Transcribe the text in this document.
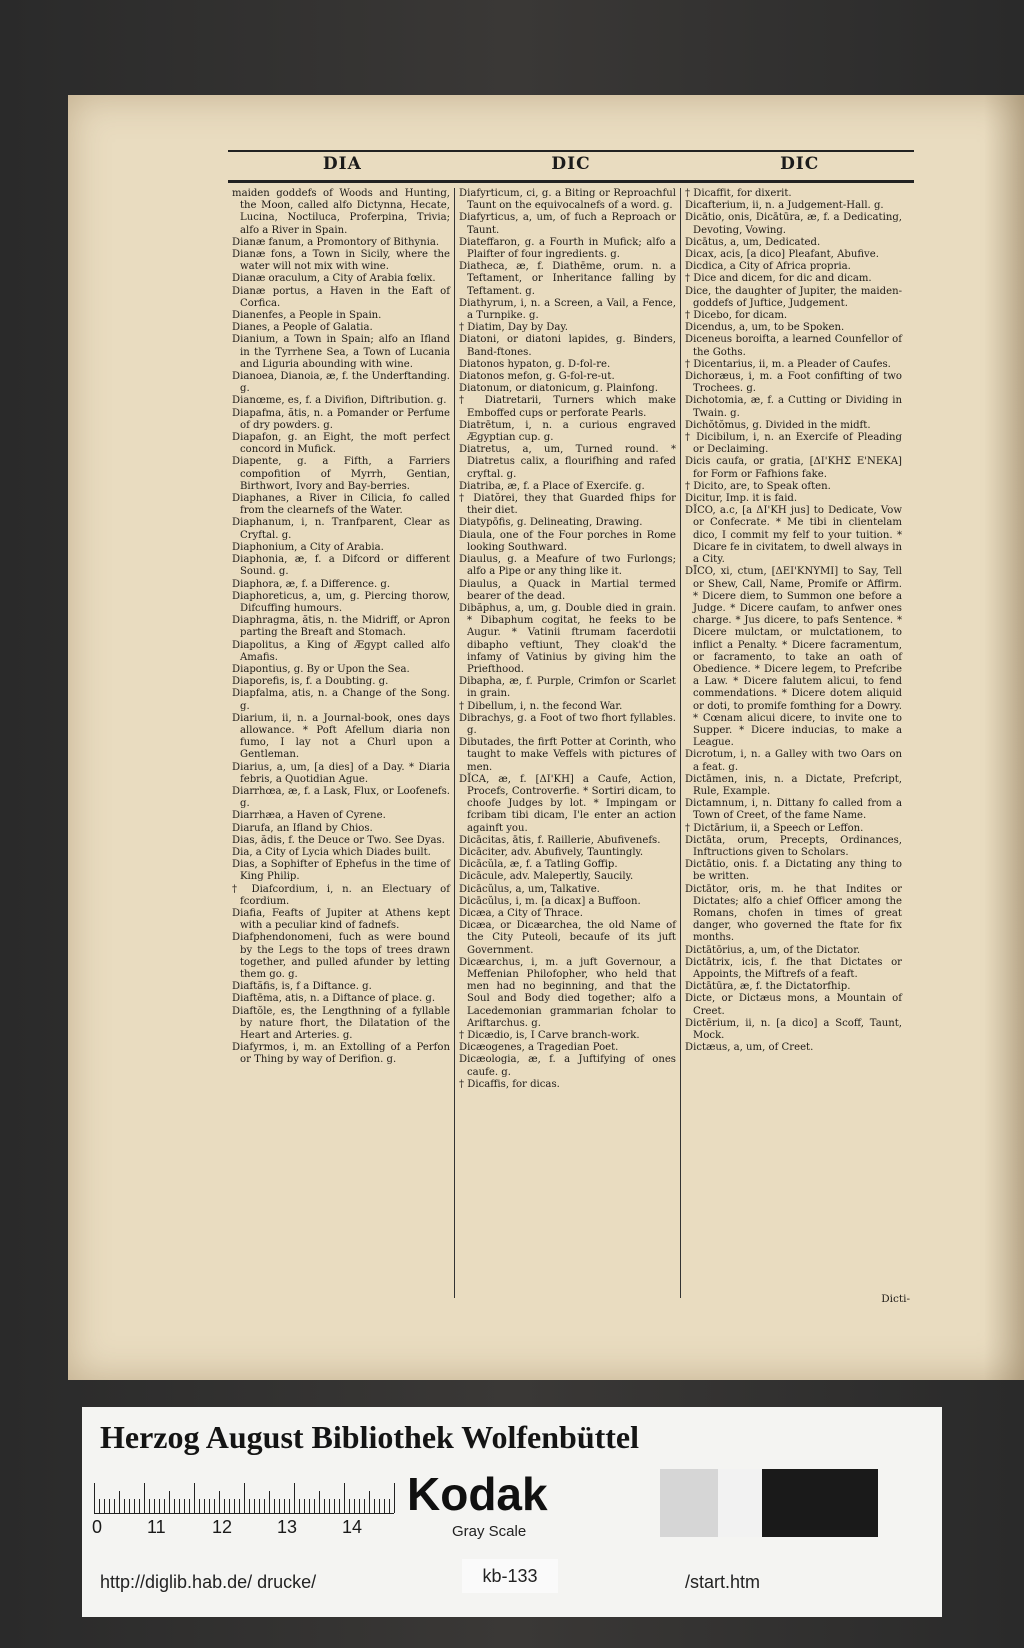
DIA	DIC	DIC

maiden goddefs of Woods and Hunting, the Moon, called alfo Dictynna, Hecate, Lucina, Noctiluca, Proferpina, Trivia; alfo a River in Spain.

Dianæ fanum, a Promontory of Bithynia.

Dianæ fons, a Town in Sicily, where the water will not mix with wine.

Dianæ oraculum, a City of Arabia fœlix.

Dianæ portus, a Haven in the Eaft of Corfica.

Dianenfes, a People in Spain.

Dianes, a People of Galatia.

Dianium, a Town in Spain; alfo an Ifland in the Tyrrhene Sea, a Town of Lucania and Liguria abounding with wine.

Dianoea, Dianoia, æ, f. the Underftanding. g.

Dianœme, es, f. a Divifion, Diftribution. g.

Diapafma, ătis, n. a Pomander or Perfume of dry powders. g.

Diapafon, g. an Eight, the moft perfect concord in Mufick.

Diapente, g. a Fifth, a Farriers compofition of Myrrh, Gentian, Birthwort, Ivory and Bay-berries.

Diaphanes, a River in Cilicia, fo called from the clearnefs of the Water.

Diaphanum, i, n. Tranfparent, Clear as Cryftal. g.

Diaphonium, a City of Arabia.

Diaphonia, æ, f. a Difcord or different Sound. g.

Diaphora, æ, f. a Difference. g.

Diaphoreticus, a, um, g. Piercing thorow, Difcuffing humours.

Diaphragma, ătis, n. the Midriff, or Apron parting the Breaft and Stomach.

Diapolitus, a King of Ægypt called alfo Amafis.

Diapontius, g. By or Upon the Sea.

Diaporefis, is, f. a Doubting. g.

Diapfalma, atis, n. a Change of the Song. g.

Diarium, ii, n. a Journal-book, ones days allowance. * Poft Afellum diaria non fumo, I lay not a Churl upon a Gentleman.

Diarius, a, um, [a dies] of a Day. * Diaria febris, a Quotidian Ague.

Diarrhœa, æ, f. a Lask, Flux, or Loofenefs. g.

Diarrhæa, a Haven of Cyrene.

Diarufa, an Ifland by Chios.

Dias, ădis, f. the Deuce or Two. See Dyas.

Dia, a City of Lycia which Diades built.

Dias, a Sophifter of Ephefus in the time of King Philip.

† Diafcordium, i, n. an Electuary of fcordium.

Diafia, Feafts of Jupiter at Athens kept with a peculiar kind of fadnefs.

Diafphendonomeni, fuch as were bound by the Legs to the tops of trees drawn together, and pulled afunder by letting them go. g.

Diaftăfis, is, f a Diftance. g.

Diaftēma, atis, n. a Diftance of place. g.

Diaftŏle, es, the Lengthning of a fyllable by nature fhort, the Dilatation of the Heart and Arteries. g.

Diafyrmos, i, m. an Extolling of a Perfon or Thing by way of Derifion. g.

Diafyrticum, ci, g. a Biting or Reproachful Taunt on the equivocalnefs of a word. g.

Diafyrticus, a, um, of fuch a Reproach or Taunt.

Diateffaron, g. a Fourth in Mufick; alfo a Plaifter of four ingredients. g.

Diatheca, æ, f. Diathēme, orum. n. a Teftament, or Inheritance falling by Teftament. g.

Diathyrum, i, n. a Screen, a Vail, a Fence, a Turnpike. g.

† Diatim, Day by Day.

Diatoni, or diatoni lapides, g. Binders, Band-ftones.

Diatonos hypaton, g. D-fol-re.

Diatonos mefon, g. G-fol-re-ut.

Diatonum, or diatonicum, g. Plainfong.

† Diatretarii, Turners which make Emboffed cups or perforate Pearls.

Diatrētum, i, n. a curious engraved Ægyptian cup. g.

Diatretus, a, um, Turned round. * Diatretus calix, a flourifhing and rafed cryftal. g.

Diatriba, æ, f. a Place of Exercife. g.

† Diatŏrei, they that Guarded fhips for their diet.

Diatypōfis, g. Delineating, Drawing.

Diaula, one of the Four porches in Rome looking Southward.

Diaulus, g. a Meafure of two Furlongs; alfo a Pipe or any thing like it.

Diaulus, a Quack in Martial termed bearer of the dead.

Dibăphus, a, um, g. Double died in grain. * Dibaphum cogitat, he feeks to be Augur. * Vatinii ftrumam facerdotii dibapho veftiunt, They cloak'd the infamy of Vatinius by giving him the Priefthood.

Dibapha, æ, f. Purple, Crimfon or Scarlet in grain.

† Dibellum, i, n. the fecond War.

Dibrachys, g. a Foot of two fhort fyllables. g.

Dibutades, the firft Potter at Corinth, who taught to make Veffels with pictures of men.

DĬCA, æ, f. [ΔΙ'ΚΗ] a Caufe, Action, Procefs, Controverfie. * Sortiri dicam, to choofe Judges by lot. * Impingam or fcribam tibi dicam, I'le enter an action againft you.

Dicācitas, ātis, f. Raillerie, Abufivenefs.

Dicāciter, adv. Abufively, Tauntingly.

Dicācŭla, æ, f. a Tatling Goffip.

Dicācule, adv. Malepertly, Saucily.

Dicācŭlus, a, um, Talkative.

Dicācŭlus, i, m. [a dicax] a Buffoon.

Dicæa, a City of Thrace.

Dicæa, or Dicæarchea, the old Name of the City Puteoli, becaufe of its juft Government.

Dicæarchus, i, m. a juft Governour, a Meffenian Philofopher, who held that men had no beginning, and that the Soul and Body died together; alfo a Lacedemonian grammarian fcholar to Ariftarchus. g.

† Dicædio, is, I Carve branch-work.

Dicæogenes, a Tragedian Poet.

Dicæologia, æ, f. a Juftifying of ones caufe. g.

† Dicaffis, for dicas.

† Dicaffit, for dixerit.

Dicafterium, ii, n. a Judgement-Hall. g.

Dicātio, onis, Dicātūra, æ, f. a Dedicating, Devoting, Vowing.

Dicātus, a, um, Dedicated.

Dicax, acis, [a dico] Pleafant, Abufive.

Dicdica, a City of Africa propria.

† Dice and dicem, for dic and dicam.

Dice, the daughter of Jupiter, the maiden-goddefs of Juftice, Judgement.

† Dicebo, for dicam.

Dicendus, a, um, to be Spoken.

Diceneus boroifta, a learned Counfellor of the Goths.

† Dicentarius, ii, m. a Pleader of Caufes.

Dichoræus, i, m. a Foot confifting of two Trochees. g.

Dichotomia, æ, f. a Cutting or Dividing in Twain. g.

Dichŏtŏmus, g. Divided in the midft.

† Dicibilum, i, n. an Exercife of Pleading or Declaiming.

Dicis caufa, or gratia, [ΔΙ'ΚΗΣ Ε'ΝΕΚΑ] for Form or Fafhions fake.

† Dicito, are, to Speak often.

Dicitur, Imp. it is faid.

DĬCO, a.c, [a ΔΙ'ΚΗ jus] to Dedicate, Vow or Confecrate. * Me tibi in clientelam dico, I commit my felf to your tuition. * Dicare fe in civitatem, to dwell always in a City.

DĪCO, xi, ctum, [ΔΕΙ'ΚΝΥΜΙ] to Say, Tell or Shew, Call, Name, Promife or Affirm. * Dicere diem, to Summon one before a Judge. * Dicere caufam, to anfwer ones charge. * Jus dicere, to pafs Sentence. * Dicere mulctam, or mulctationem, to inflict a Penalty. * Dicere facramentum, or facramento, to take an oath of Obedience. * Dicere legem, to Prefcribe a Law. * Dicere falutem alicui, to fend commendations. * Dicere dotem aliquid or doti, to promife fomthing for a Dowry. * Cœnam alicui dicere, to invite one to Supper. * Dicere inducias, to make a League.

Dicrotum, i, n. a Galley with two Oars on a feat. g.

Dictāmen, inis, n. a Dictate, Prefcript, Rule, Example.

Dictamnum, i, n. Dittany fo called from a Town of Creet, of the fame Name.

† Dictārium, ii, a Speech or Leffon.

Dictāta, orum, Precepts, Ordinances, Inftructions given to Scholars.

Dictātio, onis. f. a Dictating any thing to be written.

Dictātor, oris, m. he that Indites or Dictates; alfo a chief Officer among the Romans, chofen in times of great danger, who governed the ftate for fix months.

Dictātōrius, a, um, of the Dictator.

Dictātrix, icis, f. fhe that Dictates or Appoints, the Miftrefs of a feaft.

Dictātūra, æ, f. the Dictatorfhip.

Dicte, or Dictæus mons, a Mountain of Creet.

Dictērium, ii, n. [a dico] a Scoff, Taunt, Mock.

Dictæus, a, um, of Creet.

Dicti-
Herzog August Bibliothek Wolfenbüttel
0 11	12 13 14
Kodak
Gray Scale
http://diglib.hab.de/ drucke/	kb-133	/start.htm
